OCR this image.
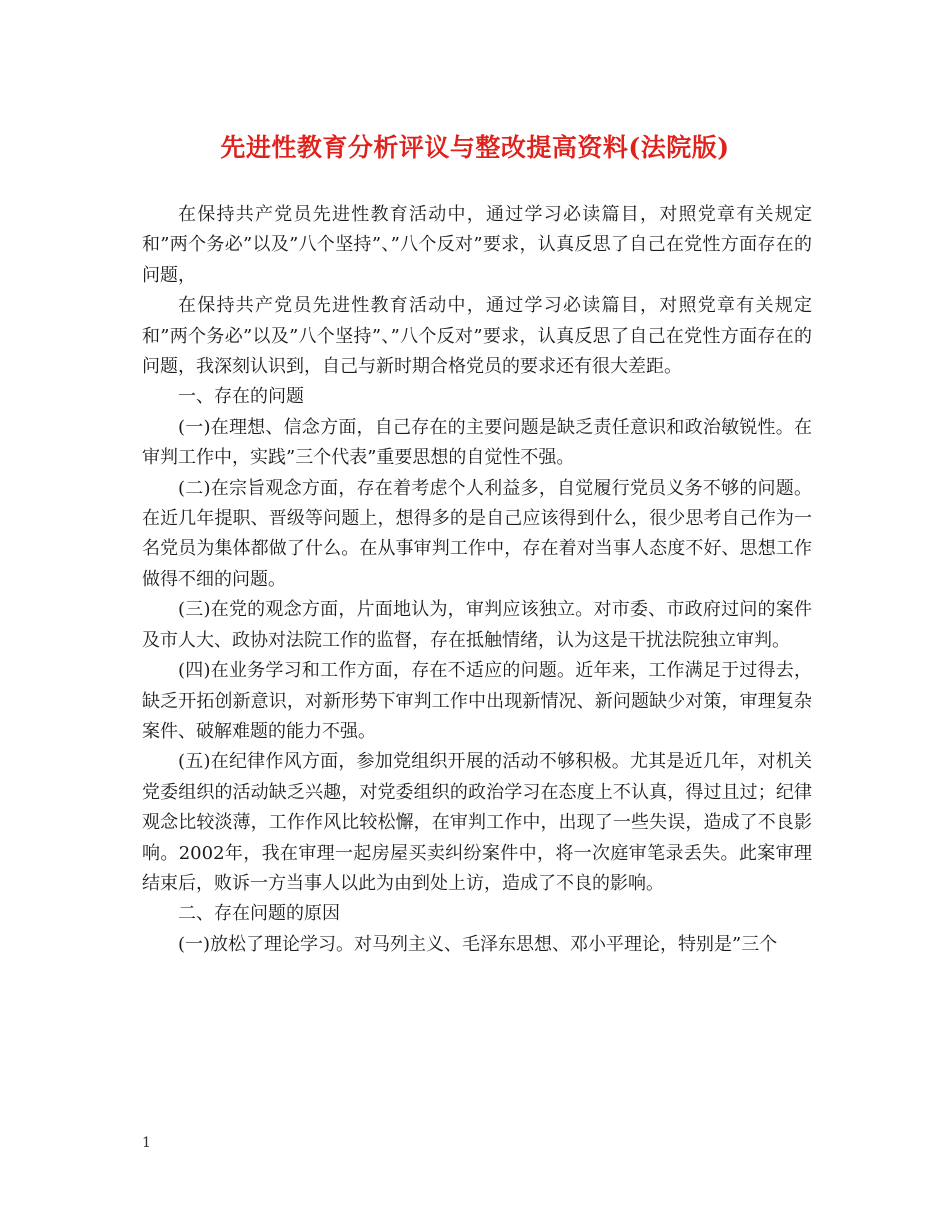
先进性教育分析评议与整改提高资料(法院版)

在保持共产党员先进性教育活动中，通过学习必读篇目，对照党章有关规定和”两个务必”以及”八个坚持”、”八个反对”要求，认真反思了自己在党性方面存在的问题，

在保持共产党员先进性教育活动中，通过学习必读篇目，对照党章有关规定和”两个务必”以及”八个坚持”、”八个反对”要求，认真反思了自己在党性方面存在的问题，我深刻认识到，自己与新时期合格党员的要求还有很大差距。

一、存在的问题

(一)在理想、信念方面，自己存在的主要问题是缺乏责任意识和政治敏锐性。在审判工作中，实践”三个代表”重要思想的自觉性不强。

(二)在宗旨观念方面，存在着考虑个人利益多，自觉履行党员义务不够的问题。在近几年提职、晋级等问题上，想得多的是自己应该得到什么，很少思考自己作为一名党员为集体都做了什么。在从事审判工作中，存在着对当事人态度不好、思想工作做得不细的问题。

(三)在党的观念方面，片面地认为，审判应该独立。对市委、市政府过问的案件及市人大、政协对法院工作的监督，存在抵触情绪，认为这是干扰法院独立审判。

(四)在业务学习和工作方面，存在不适应的问题。近年来，工作满足于过得去，缺乏开拓创新意识，对新形势下审判工作中出现新情况、新问题缺少对策，审理复杂案件、破解难题的能力不强。

(五)在纪律作风方面，参加党组织开展的活动不够积极。尤其是近几年，对机关党委组织的活动缺乏兴趣，对党委组织的政治学习在态度上不认真，得过且过；纪律观念比较淡薄，工作作风比较松懈，在审判工作中，出现了一些失误，造成了不良影响。2002年，我在审理一起房屋买卖纠纷案件中，将一次庭审笔录丢失。此案审理结束后，败诉一方当事人以此为由到处上访，造成了不良的影响。

二、存在问题的原因

(一)放松了理论学习。对马列主义、毛泽东思想、邓小平理论，特别是”三个

1
